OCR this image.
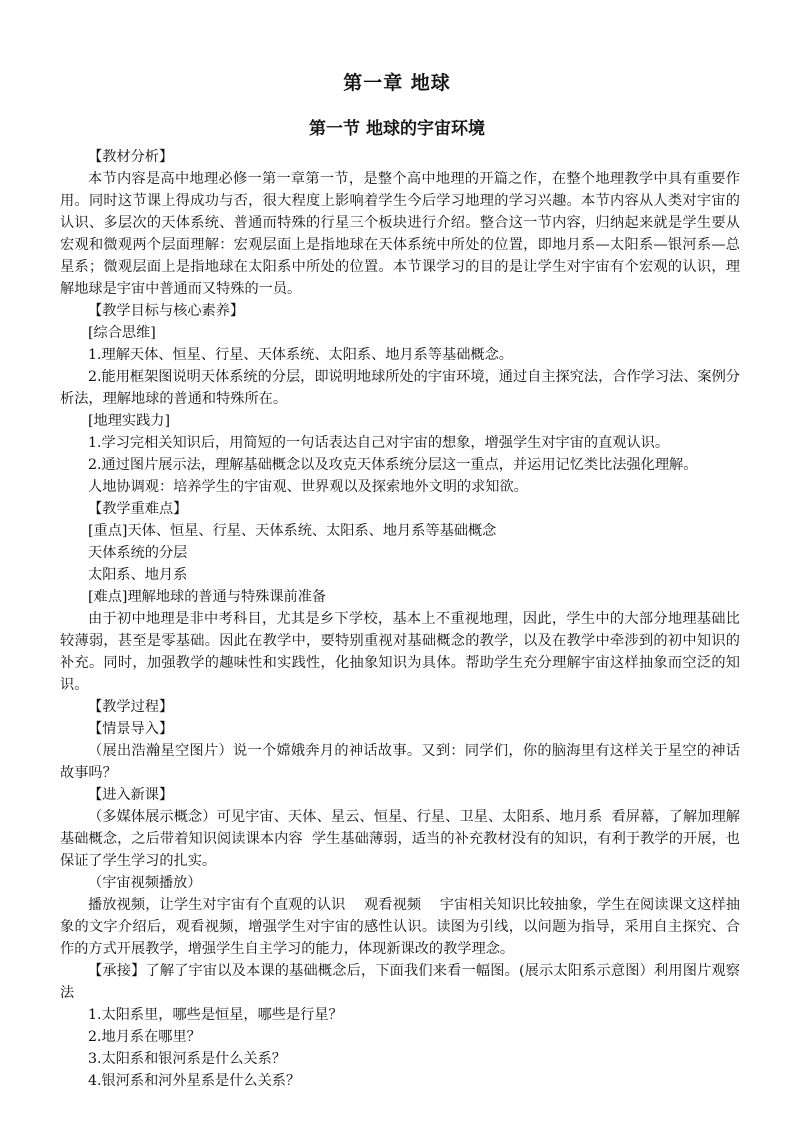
第一章 地球
第一节 地球的宇宙环境

【教材分析】

本节内容是高中地理必修一第一章第一节，是整个高中地理的开篇之作，在整个地理教学中具有重要作用。同时这节课上得成功与否，很大程度上影响着学生今后学习地理的学习兴趣。本节内容从人类对宇宙的认识、多层次的天体系统、普通而特殊的行星三个板块进行介绍。整合这一节内容，归纳起来就是学生要从宏观和微观两个层面理解：宏观层面上是指地球在天体系统中所处的位置，即地月系—太阳系—银河系—总星系；微观层面上是指地球在太阳系中所处的位置。本节课学习的目的是让学生对宇宙有个宏观的认识，理解地球是宇宙中普通而又特殊的一员。

【教学目标与核心素养】

[综合思维]

1.理解天体、恒星、行星、天体系统、太阳系、地月系等基础概念。

2.能用框架图说明天体系统的分层，即说明地球所处的宇宙环境，通过自主探究法，合作学习法、案例分析法，理解地球的普通和特殊所在。

[地理实践力]

1.学习完相关知识后，用简短的一句话表达自己对宇宙的想象，增强学生对宇宙的直观认识。

2.通过图片展示法，理解基础概念以及攻克天体系统分层这一重点，并运用记忆类比法强化理解。

人地协调观：培养学生的宇宙观、世界观以及探索地外文明的求知欲。

【教学重难点】

[重点]天体、恒星、行星、天体系统、太阳系、地月系等基础概念

天体系统的分层

太阳系、地月系

[难点]理解地球的普通与特殊课前准备

由于初中地理是非中考科目，尤其是乡下学校，基本上不重视地理，因此，学生中的大部分地理基础比较薄弱，甚至是零基础。因此在教学中，要特别重视对基础概念的教学，以及在教学中牵涉到的初中知识的补充。同时，加强教学的趣味性和实践性，化抽象知识为具体。帮助学生充分理解宇宙这样抽象而空泛的知识。

【教学过程】

【情景导入】

（展出浩瀚星空图片）说一个嫦娥奔月的神话故事。又到：同学们，你的脑海里有这样关于星空的神话故事吗？

【进入新课】

（多媒体展示概念）可见宇宙、天体、星云、恒星、行星、卫星、太阳系、地月系  看屏幕，了解加理解基础概念，之后带着知识阅读课本内容  学生基础薄弱，适当的补充教材没有的知识，有利于教学的开展，也保证了学生学习的扎实。

（宇宙视频播放）

播放视频，让学生对宇宙有个直观的认识    观看视频    宇宙相关知识比较抽象，学生在阅读课文这样抽象的文字介绍后，观看视频，增强学生对宇宙的感性认识。读图为引线，以问题为指导，采用自主探究、合作的方式开展教学，增强学生自主学习的能力，体现新课改的教学理念。

【承接】了解了宇宙以及本课的基础概念后，下面我们来看一幅图。(展示太阳系示意图）利用图片观察法

1.太阳系里，哪些是恒星，哪些是行星？

2.地月系在哪里？

3.太阳系和银河系是什么关系？

4.银河系和河外星系是什么关系？
